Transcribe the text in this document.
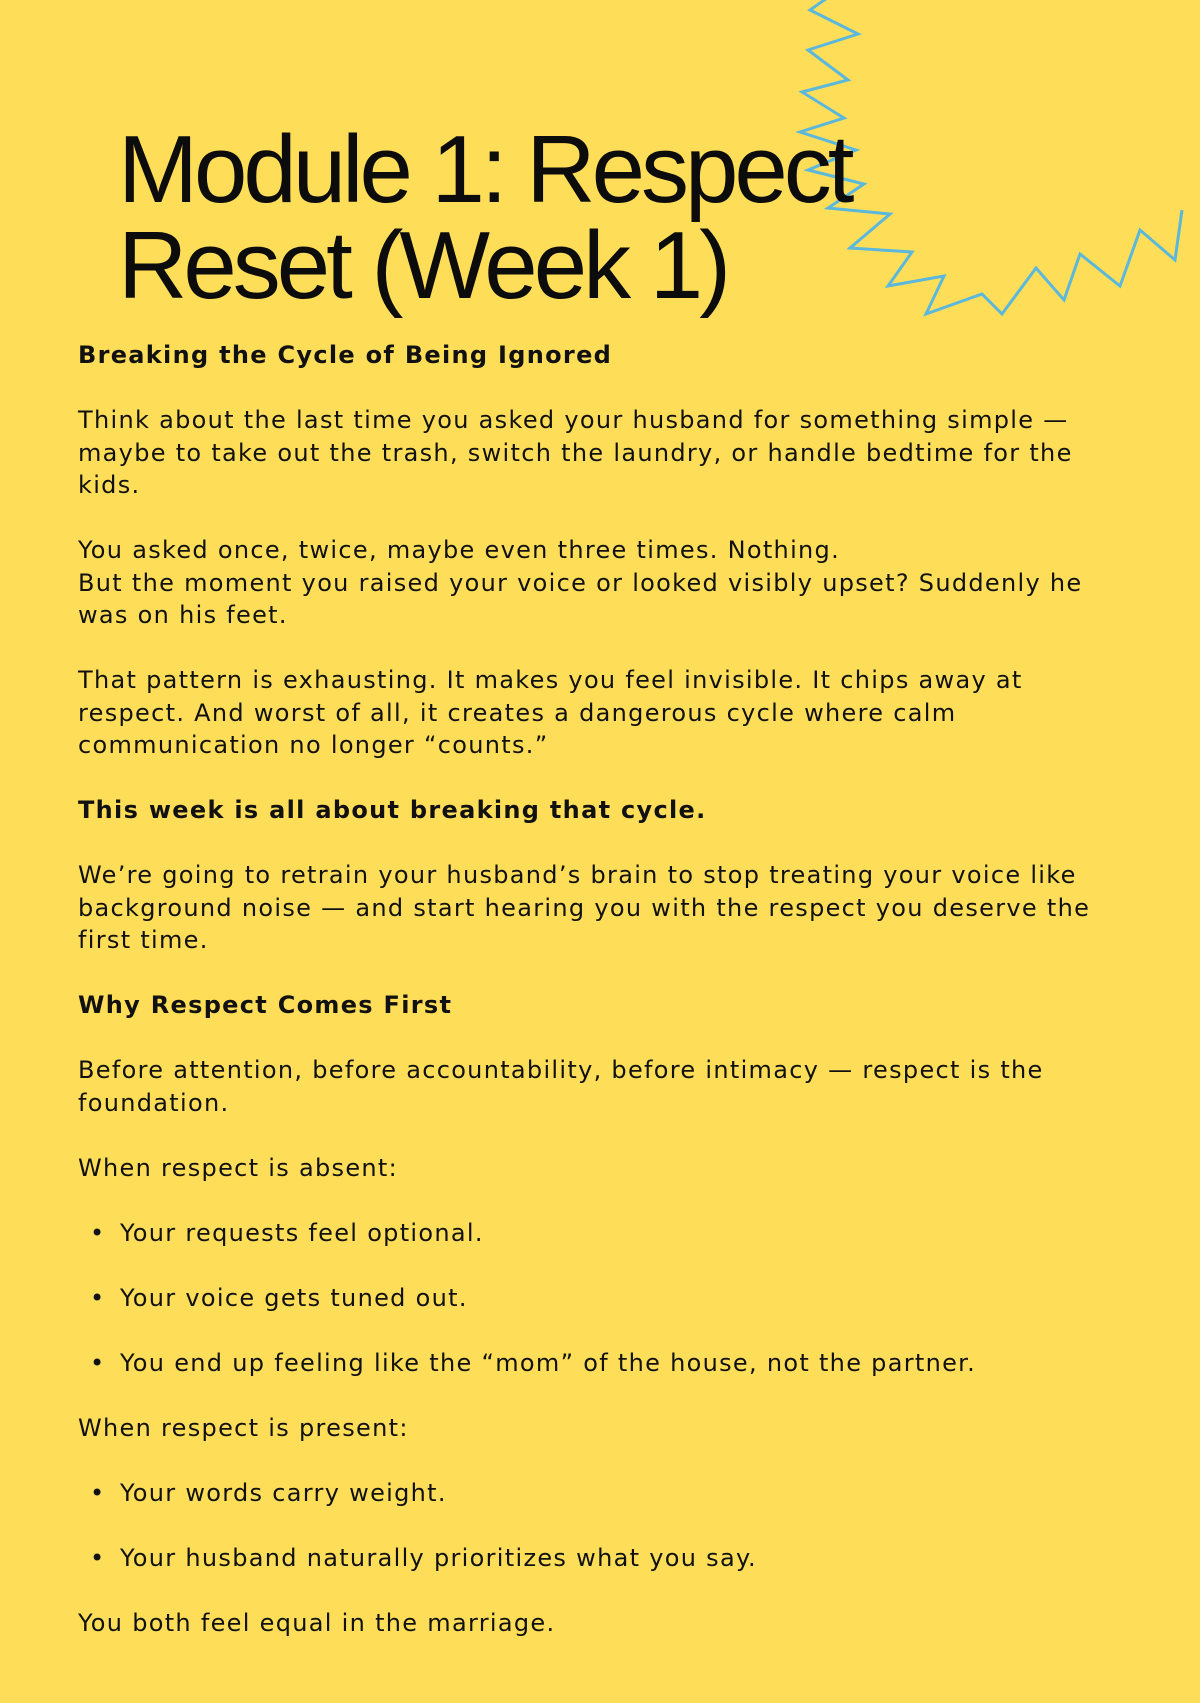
Module 1: Respect
Reset (Week 1)

Breaking the Cycle of Being Ignored

Think about the last time you asked your husband for something simple — maybe to take out the trash, switch the laundry, or handle bedtime for the kids.

You asked once, twice, maybe even three times. Nothing.

But the moment you raised your voice or looked visibly upset? Suddenly he was on his feet.

That pattern is exhausting. It makes you feel invisible. It chips away at respect. And worst of all, it creates a dangerous cycle where calm communication no longer “counts.”

This week is all about breaking that cycle.

We’re going to retrain your husband’s brain to stop treating your voice like background noise — and start hearing you with the respect you deserve the first time.

Why Respect Comes First

Before attention, before accountability, before intimacy — respect is the foundation.

When respect is absent:

• Your requests feel optional.
• Your voice gets tuned out.
• You end up feeling like the “mom” of the house, not the partner.

When respect is present:

• Your words carry weight.
• Your husband naturally prioritizes what you say.

You both feel equal in the marriage.
